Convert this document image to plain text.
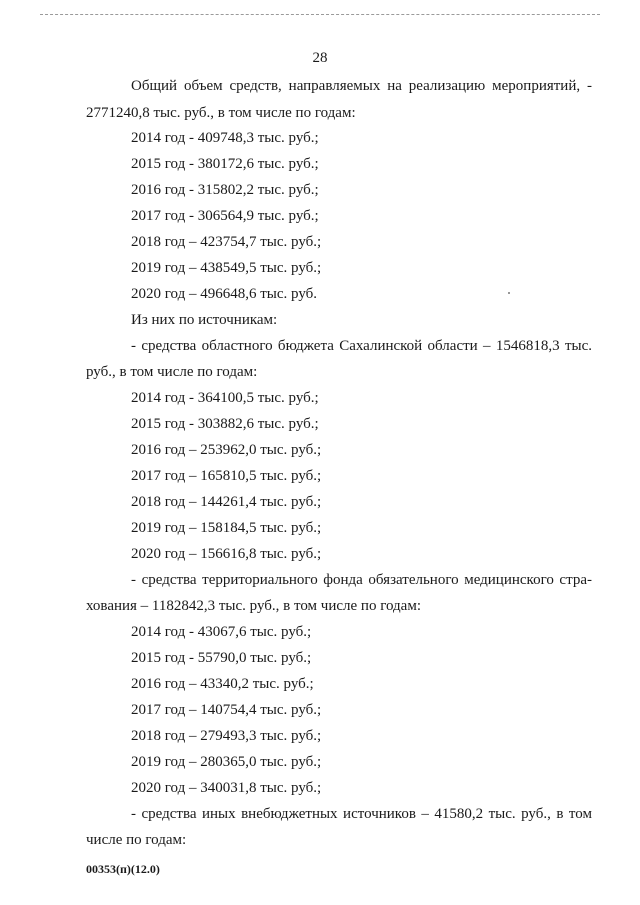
28
Общий объем средств, направляемых на реализацию мероприятий, -
2771240,8 тыс. руб., в том числе по годам:
2014 год - 409748,3 тыс. руб.;
2015 год - 380172,6 тыс. руб.;
2016 год - 315802,2 тыс. руб.;
2017 год - 306564,9 тыс. руб.;
2018 год – 423754,7 тыс. руб.;
2019 год – 438549,5 тыс. руб.;
2020 год – 496648,6 тыс. руб.
Из них по источникам:
- средства областного бюджета Сахалинской области – 1546818,3 тыс.
руб., в том числе по годам:
2014 год - 364100,5 тыс. руб.;
2015 год - 303882,6 тыс. руб.;
2016 год – 253962,0 тыс. руб.;
2017 год – 165810,5 тыс. руб.;
2018 год – 144261,4 тыс. руб.;
2019 год – 158184,5 тыс. руб.;
2020 год – 156616,8 тыс. руб.;
- средства территориального фонда обязательного медицинского стра-
хования – 1182842,3 тыс. руб., в том числе по годам:
2014 год - 43067,6 тыс. руб.;
2015 год - 55790,0 тыс. руб.;
2016 год – 43340,2 тыс. руб.;
2017 год – 140754,4 тыс. руб.;
2018 год – 279493,3 тыс. руб.;
2019 год – 280365,0 тыс. руб.;
2020 год – 340031,8 тыс. руб.;
- средства иных внебюджетных источников – 41580,2 тыс. руб., в том
числе по годам:
00353(п)(12.0)
